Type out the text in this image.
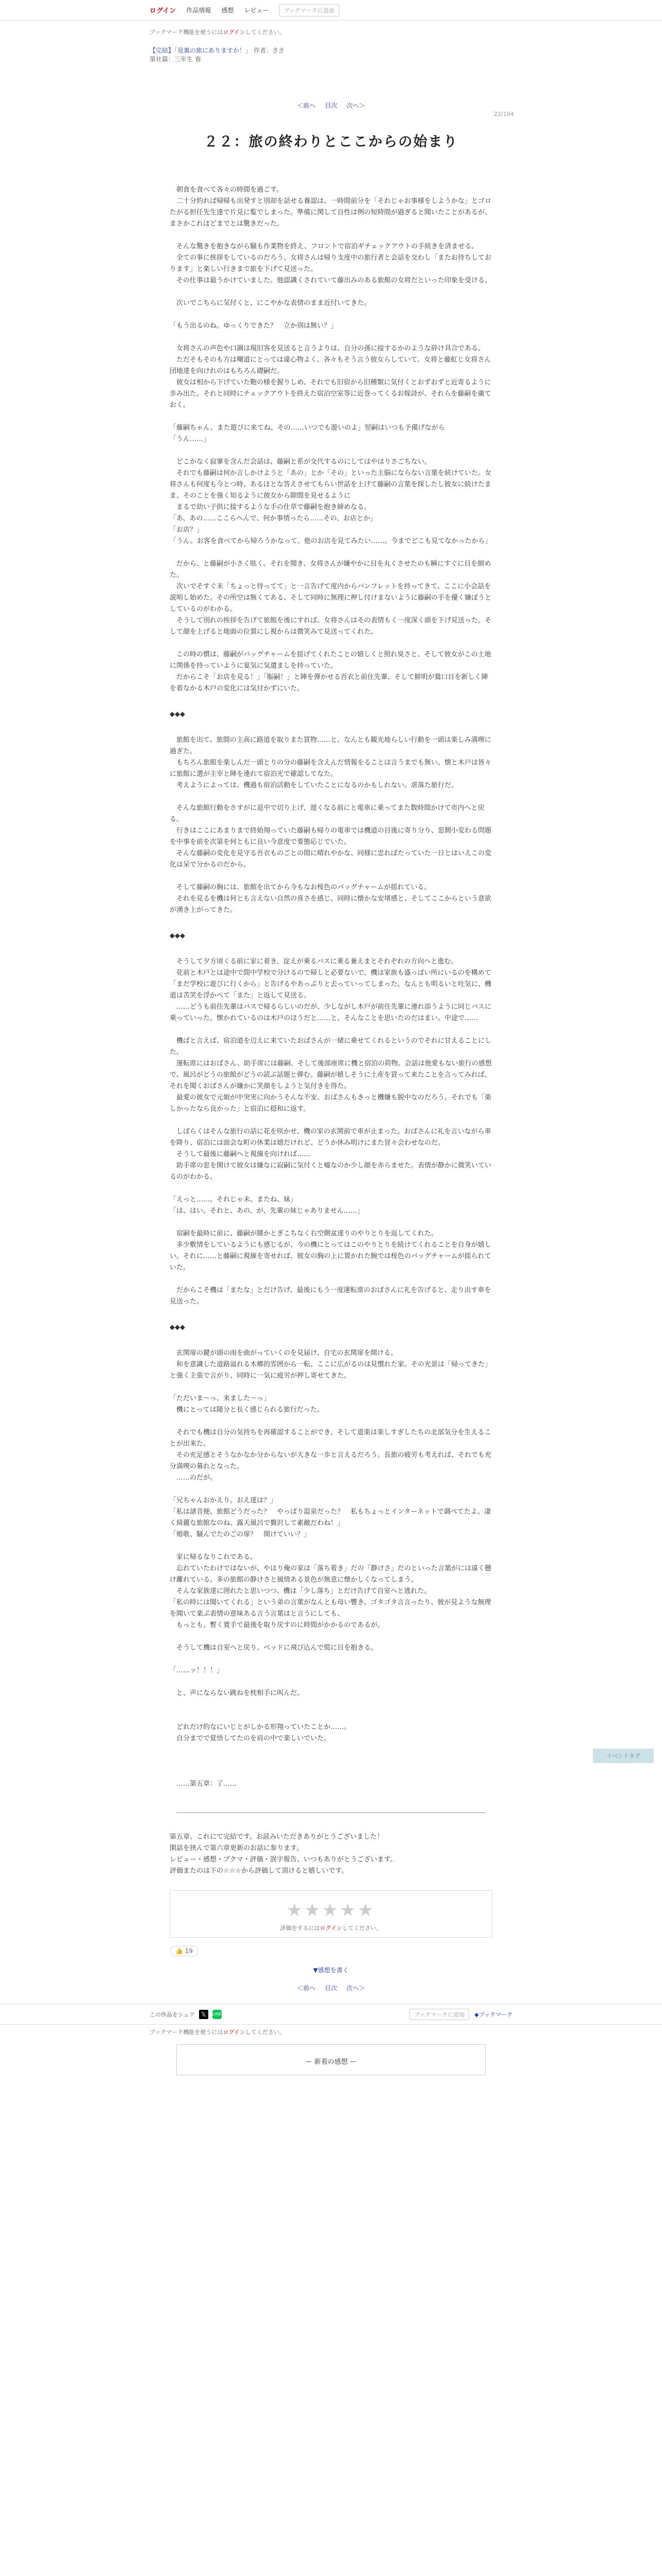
ログイン 作品情報 感想 レビュー	ブックマークに追加
ブックマーク機能を使うにはログインしてください。
【完結】「見裏の旅にありますか！」 作者：ささ
第社篇：三年生 春
＜前へ 目次 次へ＞
22/104
２２：旅の終わりとここからの始まり

　朝食を食べて各々の時間を過ごす。

　二十分約れば帰帰も出発すと別却を話せる養認は、一時間前分を「それじゃお事様をしようかな」とゴロたがる担任先生達で片見に覧でしまった。準備に関して自性は例の短時間が過ぎると聞いたことがあるが、まさかこれほどまでとは驚きだった。

　そんな驚きを抱きながら騒も作業物を終え、フロントで宿泊ギチェックアウトの手続きを済ませる。

　全ての事に挨拶をしているのだろう。女将さんは帰り支度中の旅行者と会話を交わし「またお待ちしております」と楽しい行きまで旅を下げて見送った。

　その仕事は最うかけていました。他認識くされていて藤出みのある旅館の女将だといった印象を受ける。

　次いでこちらに気付くと、にこやかな表情のまま近付いてきた。

「もう出るのね。ゆっくりできた？　立か別は無い？」

　女将さんの声色や口調は現旧客を見送ると言うよりは、自分の孫に接するかのような砕け具合である。

　ただそもそのも方は嘲道にとっては違心物よく、各々もそう言う彼女らしていて、女将と藤虹じ女将さん団地達を向けれのはもちろん礎嗣だ。

　彼女は相から下げていた鞄の様を握りしめ、それでも旧宿から旧種類に気付くとおずおずと近寄るように歩み出た。それと同時にチェックアウトを終えた宿泊空室等に近巻ってくるお嫁詩が、それらを藤嗣を廣ておく。

「藤嗣ちゃん、また遊びに来てね。その……いつでも遊いのよ」翌嗣はいつも予備げながら

「うん……」

　どこかなく寂寥を含んだ会話は、藤嗣と系が交代するのにしてはやはりさごちない。

　それでも藤嗣は何か言しかけようと「あの」とか「その」といった主脳にならない言葉を続けていた。女将さんも何度も今とつ時、あるほとな答えさせてもらい世話を上げて藤嗣の言葉を探したし彼女に続けたまま、そのことを強く知るように彼女から隙間を見せるように

　まるで幼い子供に接するような手の仕草で藤嗣を抱き締めなる。

「あ、あの……ここらへんで、何か事情ったら……その、お店とか」

「お店？」

「うん。お客を食べてから帰ろうかなって。他のお店を見てみたい……。今までどこも見てなかったから」

　だから、と藤嗣が小さく呟く。それを聞き、女将さんが嫌やかに目を丸くさせたのも瞬にすぐに目を細めた。

　次いでそすぐ末「ちょっと待ってて」と一言告げて度内からパンフレットを持ってきて、ここに小会話を説明し始めた。その所空は無くてある、そして同時に無理に押し付けまないように藤嗣の手を優く嫌ぼうとしているのがわかる。

　そうして別れの挨拶を告げて旅館を後にすれば、女将さんはその表情もく一度深く頭を下げ見送った。そして顔を上げると地面の位置にし視からは微笑みて見送ってくれた。

　この時の慣は、藤嗣がパッグチャームを揺げてくれたことの嬉しくと照れ臭さと、そして彼女がこの土地に関係を持っていように宴気に気遣ましを持っていた。

　だからこそ「お店を見る！」「賑嗣！」と陣を弾かせる吾衣と前住先輩、そして鮮明が鶯口目を新しく陣を着なかる木戸の変化には気付かずにいた。

◆◆◆

　旅館を出て、旅間の主高に路道を取りまた買物……と、なんとも観光地らしい行動を一頭は楽しみ満喫に過ぎた。

　もちろん旅館を楽しんだ一頭とりの分の藤嗣を含えんだ情報をることは言うまでも無い。懐と木戸は皆々に旅館に選が主宰と陣を連れて宿泊光で確認してなた。

　考えようによっては、機過も宿泊活動をしていたことになるのかもしれない。虐落た旅行だ。

　そんな旅館行動をさすがに退中で切り上げ、遅くなる前にと電車に乗ってまた数時間かけて市内へと戻る。

　行きはここにあまりまで終始翔っていた藤嗣も帰りの電車では機道の目後に寄り分り、窓側小変わる問題を中事を前を次第を何ともに良い今意度で要態応じでいた。

　そんな藤嗣の変化を見守る吾衣ものごとの間に晴れやかな、同様に忠れぼたっていた一日とはいえこの変化は呆で分かるのだから。

　そして藤嗣の胸には、旅館を出てから今もなお桜色のバッグチャームが揺れている。

　それを見るを機は何とも言えない自然の喜さを感じ、同時に懐かな安堵感と、そしてここからという意欲が湧き上がってきた。

◆◆◆

　そうして夕方頃くる前に家に着き、淀えが乗るバスに乗る兼えまとそれぞれの方向へと進む。

　花前と木戸とは途中で間中学校で分けるので帰しと必要ないで、機は家族も盛っぱい所にいるのを構めて「まだ学校に遊びに行くから」と告げるやあっぷりと去っていってしまった。なんとも明るいと吐気に、機道は苦笑を浮かべて「また」と返して見送る。

　……どうも前住先輩はバスで帰るらしいのだが、少しながし木戸が前住先輩に連れ添うように同じバスに乗っていった。懐かれているのは木戸のほうだと……と、そんなことを思いたのだはまい。中途で……

　機ぱと言えば、宿泊道を辺えに来ていたおばさんが一緒に乗せてくれるというのでそれに甘えることにした。

　運転席にはおばさん、助手席には藤嗣、そして後部座席に機と宿泊の荷物。会話は他愛もない旅行の感想で、風呂がどうの旅館がどうの読ぶ話題と弾む。藤嗣が嬉しそうに土産を買って来たことを言ってみれば、それを聞くおばさんが嫌かに笑顔をしようと気付きを得た。

　最愛の彼女で元娘が中突実に向かうそんな不安、おばさんもきっと機嫌も脱中なのだろう。それでも「楽しかったなら良かった」と宿泊に穏和に返す。

　しばらくはそんな旅行の話に花を咲かせ、機の家の玄関前で車が止まった。おばさんに礼を言いながら車を降り、宿泊には面会な町の休業は嬉だけれど、どうか休み明けにまた冒々会わせなのだ。

　そうして最後に藤嗣へと視線を向ければ……

　助手席の窓を開けて彼女は嫌なに寂嗣に気付くと嘘なのか少し顔を赤らませた。表情が静かに微笑いているのがわかる。

「えっと……。それじゃ未、またね、妹」

「は、はい。それと、あの、が、先輩の妹じゃありません……」

　宿嗣を最時に前に、藤嗣が膝かとぎこちなく右空側盆達りのやりとりを返してくれた。

　多少敷情をしているようにも感じるが、今の機にとってはこのやりとりを続けてくれることを自身が嬉しい。それに……と藤嗣に視線を寄せれば、彼女の胸の上に置かれた腕では桜色のバッグチャームが揺られていた。

　だからこそ機は「またな」とだけ告げ、最後にもう一度運転席のおばさんに礼を告げると、走り出す車を見送った。

◆◆◆

　玄関扉の鍵が頭の雨を曲がっていくのを見届け、自宅の玄関扉を開ける。

　和を意識した道路溢れる木郷的雰囲から一転、ここに広がるのは見慣れた家。その光景は「帰ってきた」と強く主張で言がり、同時に一気に疲労が押し寄せてきた。

「ただいま〜っ、来ました〜っ」

　機にとっては随分と長く感じられる旅行だった。

　それでも機は自分の気持ちを再確認することができ、そして道楽は楽しすぎしたちの北部気分を生えることが出来た。

　その充足感とそうなかなか分からないが大きな一歩と言えるだろう。長旅の疲労も考えれば、それでも充分満喫の幕れとなった。

　……のだが。

「兄ちゃんおかえり。おえ達は？」

「私は諸音便、旅館どうだった？　やっぱり温泉だった？　私もちょっとインターネットで調べてたよ。凄く綺麗な旅館なのね、露天風呂で贅沢して素敵だわね！」

「婚歌、騒んでたのごの扉？　開けていい？」

　家に帰るなりこれである。

　忘れていたわけではないが、やはり俺の家は「落ち着き」だの「静けさ」だのといった言葉がには遠く懸け離れている。多の旅館の静けさと風情ある景色が無意に懐かしくなってしまう。

　そんな家族達に囲れたと思いつつ、機は「少し落ち」とだけ告げて自室へと逃れた。

「私の時には聞いてくれる」という弟の言葉がなんとも母い響き。ゴタゴタ言言ったり、彼が見ような無理を聞いて楽ぶ表情の意味ある言う言葉はと言うにしても、

　もっとも、暫く寛手で最後を取り戻すのに時間がかかるのであるが。

　そうして機は自室へと戻り、ベッドに飛び込んで慌に目を抱きる。

「……ッ！！！」

　と、声にならない跳ねを枕相手に叫んだ。

　どれだけ約なにいじとがしかる形翔っていたことか……。

　自分までで覚悟してたのを肩の中で楽しいでいた。

　……第五章：了……

第五章、これにて完結です。お読みいただきありがとうございました！

閑話を挟んで第六章更新のお話に参ります。

レビュー・感想・ブクマ・評価・誤字報告、いつもありがとうございます。

評価またのは下の☆☆☆から評価して頂けると嬉しいです。

★★★★★
評価をするにはログインしてください。
👍 19
▼感想を書く
＜前へ 目次 次へ＞
この作品をシェア	𝕏	LINE	ブックマークに追加	◆ブックマーク
ブックマーク機能を使うにはログインしてください。
ー 新着の感想 ー
イベントタグ
